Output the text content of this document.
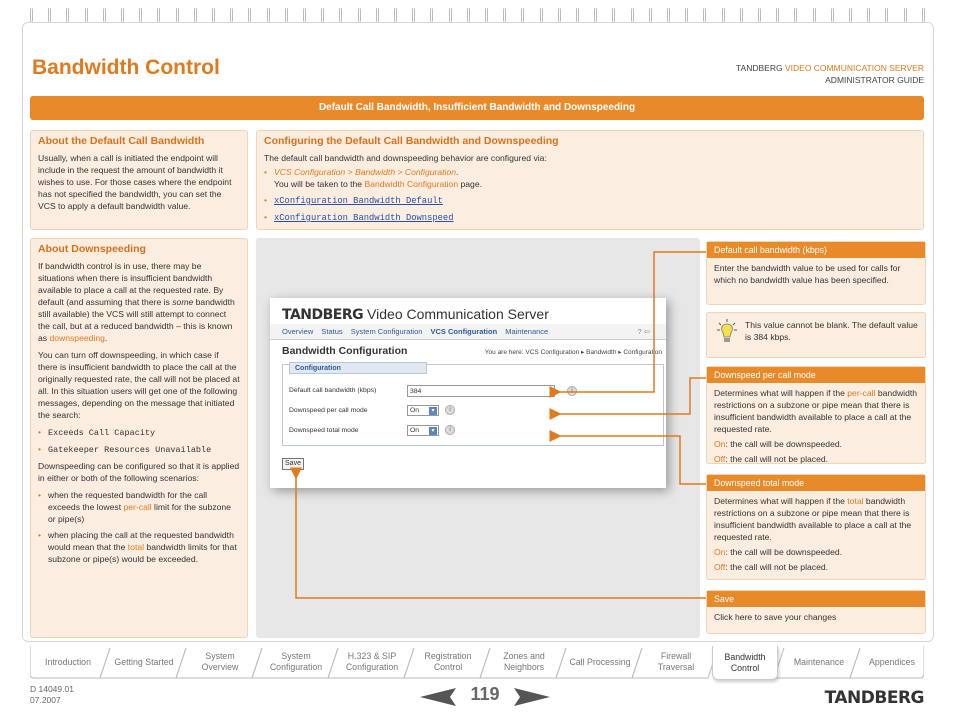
Bandwidth Control	TANDBERG VIDEO COMMUNICATION SERVER
ADMINISTRATOR GUIDE
Default Call Bandwidth, Insufficient Bandwidth and Downspeeding
About the Default Call Bandwidth

Usually, when a call is initiated the endpoint will include in the request the amount of bandwidth it wishes to use. For those cases where the endpoint has not specified the bandwidth, you can set the VCS to apply a default bandwidth value.

Configuring the Default Call Bandwidth and Downspeeding

The default call bandwidth and downspeeding behavior are configured via:

• VCS Configuration > Bandwidth > Configuration.
You will be taken to the Bandwidth Configuration page.
• xConfiguration Bandwidth Default
• xConfiguration Bandwidth Downspeed
About Downspeeding

If bandwidth control is in use, there may be situations when there is insufficient bandwidth available to place a call at the requested rate. By default (and assuming that there is some bandwidth still available) the VCS will still attempt to connect the call, but at a reduced bandwidth – this is known as downspeeding.

You can turn off downspeeding, in which case if there is insufficient bandwidth to place the call at the originally requested rate, the call will not be placed at all. In this situation users will get one of the following messages, depending on the message that initiated the search:

• Exceeds Call Capacity
• Gatekeeper Resources Unavailable

Downspeeding can be configured so that it is applied in either or both of the following scenarios:

• when the requested bandwidth for the call exceeds the lowest per-call limit for the subzone or pipe(s)
• when placing the call at the requested bandwidth would mean that the total bandwidth limits for that subzone or pipe(s) would be exceeded.
TANDBERG Video Communication Server
Overview Status System Configuration VCS Configuration Maintenance	? ⇦
Bandwidth Configuration	You are here: VCS Configuration ▸ Bandwidth ▸ Configuration
Configuration
Default call bandwidth (kbps)	384	i
Downspeed per call mode	On	▾	i
Downspeed total mode	On	▾	i
Save
Default call bandwidth (kbps)

Enter the bandwidth value to be used for calls for which no bandwidth value has been specified.

This value cannot be blank. The default value is 384 kbps.
Downspeed per call mode

Determines what will happen if the per-call bandwidth restrictions on a subzone or pipe mean that there is insufficient bandwidth available to place a call at the requested rate.

On: the call will be downspeeded.

Off: the call will not be placed.

Downspeed total mode

Determines what will happen if the total bandwidth restrictions on a subzone or pipe mean that there is insufficient bandwidth available to place a call at the requested rate.

On: the call will be downspeeded.

Off: the call will not be placed.

Save

Click here to save your changes

Introduction	Getting Started
System Overview
System Configuration
H.323 & SIP Configuration
Registration Control
Zones and Neighbors
Call Processing
Firewall Traversal
Bandwidth Control
Maintenance	Appendices
D 14049.01
07.2007	119	TANDBERG
